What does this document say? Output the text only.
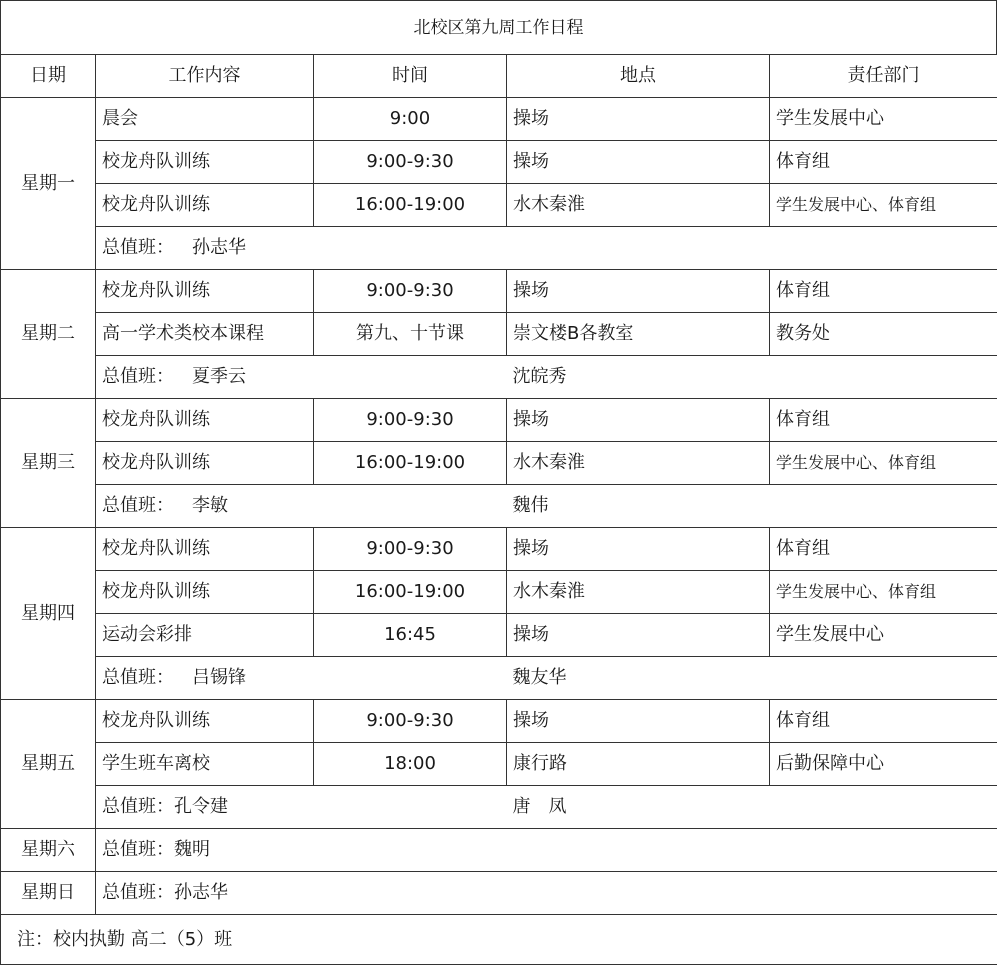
北校区第九周工作日程
日期	工作内容	时间	地点	责任部门
星期一	晨会	9:00	操场	学生发展中心
	校龙舟队训练	9:00-9:30	操场	体育组
	校龙舟队训练	16:00-19:00	水木秦淮	学生发展中心、体育组
	总值班： 孙志华			
星期二	校龙舟队训练	9:00-9:30	操场	体育组
	高一学术类校本课程	第九、十节课	崇文楼B各教室	教务处
	总值班： 夏季云		沈皖秀	
星期三	校龙舟队训练	9:00-9:30	操场	体育组
	校龙舟队训练	16:00-19:00	水木秦淮	学生发展中心、体育组
	总值班： 李敏		魏伟	
星期四	校龙舟队训练	9:00-9:30	操场	体育组
	校龙舟队训练	16:00-19:00	水木秦淮	学生发展中心、体育组
	运动会彩排	16:45	操场	学生发展中心
	总值班： 吕锡锋		魏友华	
星期五	校龙舟队训练	9:00-9:30	操场	体育组
	学生班车离校	18:00	康行路	后勤保障中心
	总值班：孔令建		唐　凤	
星期六	总值班：魏明			
星期日	总值班：孙志华			
注：校内执勤 高二（5）班				
